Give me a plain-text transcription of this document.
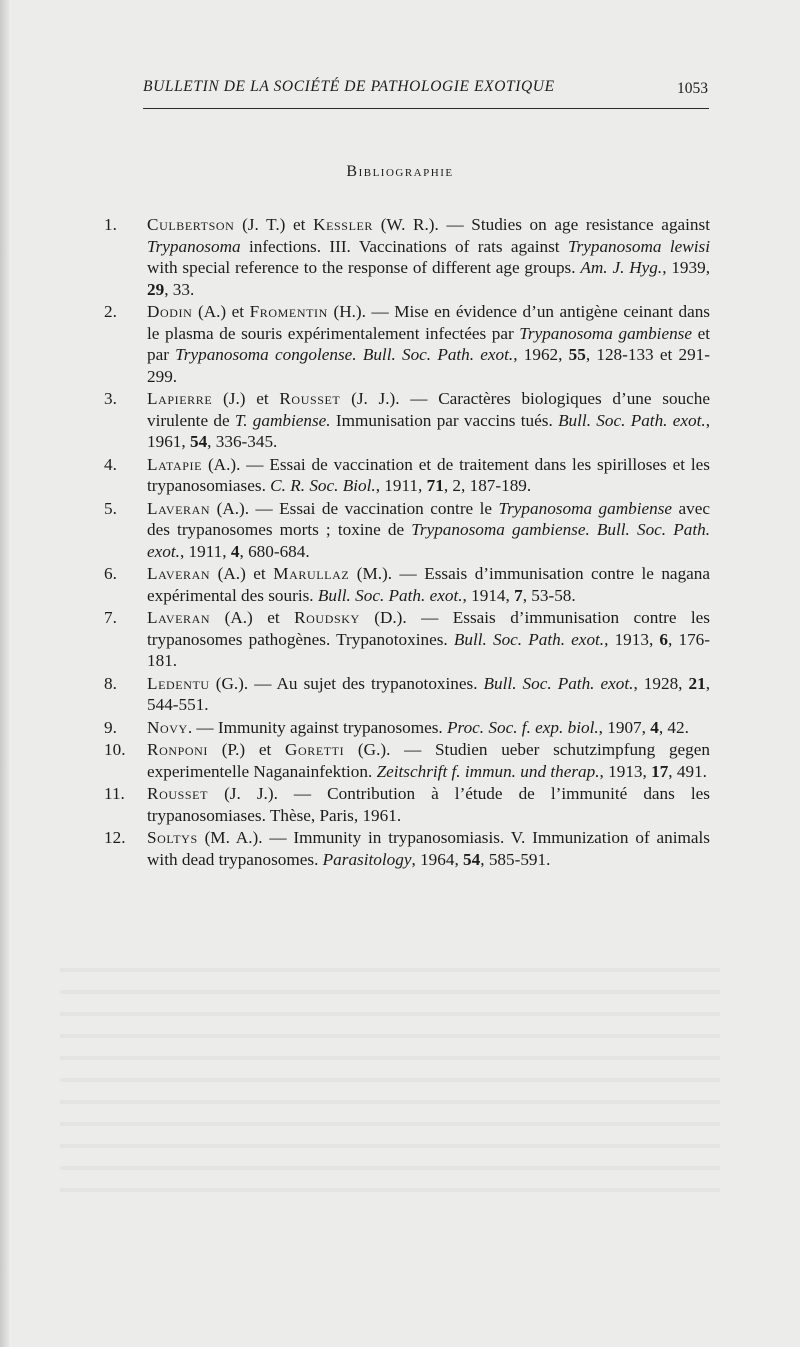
BULLETIN DE LA SOCIÉTÉ DE PATHOLOGIE EXOTIQUE	1053
Bibliographie
1.	Culbertson (J. T.) et Kessler (W. R.). — Studies on age resistance against Trypanosoma infections. III. Vaccinations of rats against Trypanosoma lewisi with special reference to the response of different age groups. Am. J. Hyg., 1939, 29, 33.
2.	Dodin (A.) et Fromentin (H.). — Mise en évidence d’un antigène ceinant dans le plasma de souris expérimentalement infectées par Trypanosoma gambiense et par Trypanosoma congolense. Bull. Soc. Path. exot., 1962, 55, 128-133 et 291-299.
3.	Lapierre (J.) et Rousset (J. J.). — Caractères biologiques d’une souche virulente de T. gambiense. Immunisation par vaccins tués. Bull. Soc. Path. exot., 1961, 54, 336-345.
4.	Latapie (A.). — Essai de vaccination et de traitement dans les spirilloses et les trypanosomiases. C. R. Soc. Biol., 1911, 71, 2, 187-189.
5.	Laveran (A.). — Essai de vaccination contre le Trypanosoma gambiense avec des trypanosomes morts ; toxine de Trypanosoma gambiense. Bull. Soc. Path. exot., 1911, 4, 680-684.
6.	Laveran (A.) et Marullaz (M.). — Essais d’immunisation contre le nagana expérimental des souris. Bull. Soc. Path. exot., 1914, 7, 53-58.
7.	Laveran (A.) et Roudsky (D.). — Essais d’immunisation contre les trypanosomes pathogènes. Trypanotoxines. Bull. Soc. Path. exot., 1913, 6, 176-181.
8.	Ledentu (G.). — Au sujet des trypanotoxines. Bull. Soc. Path. exot., 1928, 21, 544-551.
9.	Novy. — Immunity against trypanosomes. Proc. Soc. f. exp. biol., 1907, 4, 42.
10.	Ronponi (P.) et Goretti (G.). — Studien ueber schutzimpfung gegen experimentelle Naganainfektion. Zeitschrift f. immun. und therap., 1913, 17, 491.
11.	Rousset (J. J.). — Contribution à l’étude de l’immunité dans les trypanosomiases. Thèse, Paris, 1961.
12.	Soltys (M. A.). — Immunity in trypanosomiasis. V. Immunization of animals with dead trypanosomes. Parasitology, 1964, 54, 585-591.
